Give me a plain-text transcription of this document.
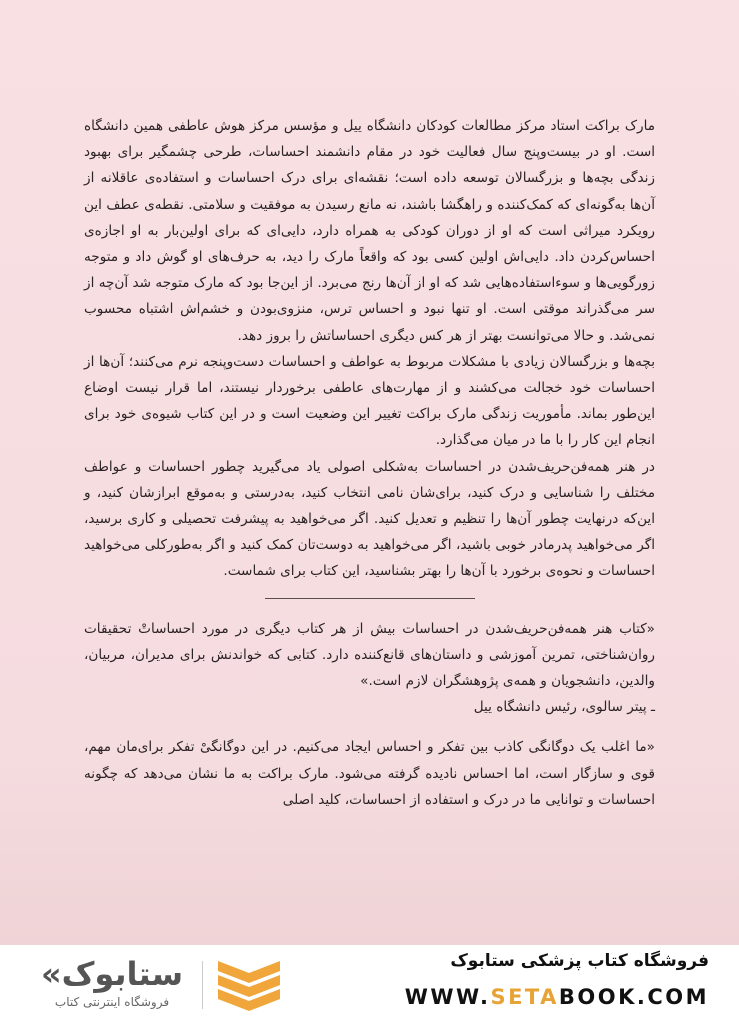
مارک براکت استاد مرکز مطالعات کودکان دانشگاه ییل و مؤسس مرکز هوش عاطفی همین دانشگاه است. او در بیست‌وپنج سال فعالیت خود در مقام دانشمند احساسات، طرحی چشمگیر برای بهبود زندگی بچه‌ها و بزرگسالان توسعه داده است؛ نقشه‌ای برای درک احساسات و استفاده‌ی عاقلانه از آن‌ها به‌گونه‌ای که کمک‌کننده و راهگشا باشند، نه مانع رسیدن به موفقیت و سلامتی. نقطه‌ی عطف این رویکرد میراثی است که او از دوران کودکی به همراه دارد، دایی‌ای که برای اولین‌بار به او اجازه‌ی احساس‌کردن داد. دایی‌اش اولین کسی بود که واقعاً مارک را دید، به حرف‌های او گوش داد و متوجه زورگویی‌ها و سوءاستفاده‌هایی شد که او از آن‌ها رنج می‌برد. از این‌جا بود که مارک متوجه شد آن‌چه از سر می‌گذراند موقتی است. او تنها نبود و احساس ترس، منزوی‌بودن و خشم‌اش اشتباه محسوب نمی‌شد. و حالا می‌توانست بهتر از هر کس دیگری احساساتش را بروز دهد.

بچه‌ها و بزرگسالان زیادی با مشکلات مربوط به عواطف و احساسات دست‌وپنجه نرم می‌کنند؛ آن‌ها از احساسات خود خجالت می‌کشند و از مهارت‌های عاطفی برخوردار نیستند، اما قرار نیست اوضاع این‌طور بماند. مأموریت زندگی مارک براکت تغییر این وضعیت است و در این کتاب شیوه‌ی خود برای انجام این کار را با ما در میان می‌گذارد.

در هنر همه‌فن‌حریف‌شدن در احساسات به‌شکلی اصولی یاد می‌گیرید چطور احساسات و عواطف مختلف را شناسایی و درک کنید، برای‌شان نامی انتخاب کنید، به‌درستی و به‌موقع ابرازشان کنید، و این‌که درنهایت چطور آن‌ها را تنظیم و تعدیل کنید. اگر می‌خواهید به پیشرفت تحصیلی و کاری برسید، اگر می‌خواهید پدرمادر خوبی باشید، اگر می‌خواهید به دوست‌تان کمک کنید و اگر به‌طورکلی می‌خواهید احساسات و نحوه‌ی برخورد با آن‌ها را بهتر بشناسید، این کتاب برای شماست.

«کتاب هنر همه‌فن‌حریف‌شدن در احساسات بیش از هر کتاب دیگری در مورد احساساتْ تحقیقات روان‌شناختی، تمرین آموزشی و داستان‌های قانع‌کننده دارد. کتابی که خواندنش برای مدیران، مربیان، والدین، دانشجویان و همه‌ی پژوهشگران لازم است.»
ـ پیتر سالوی، رئیس دانشگاه ییل

«ما اغلب یک دوگانگی کاذب بین تفکر و احساس ایجاد می‌کنیم. در این دوگانگیْ تفکر برای‌مان مهم، قوی و سازگار است، اما احساس نادیده گرفته می‌شود. مارک براکت به ما نشان می‌دهد که چگونه احساسات و توانایی ما در درک و استفاده از احساسات، کلید اصلی

ستابوک»
فروشگاه اینترنتی کتاب
فروشگاه کتاب پزشکی ستابوک
WWW.SETABOOK.COM
